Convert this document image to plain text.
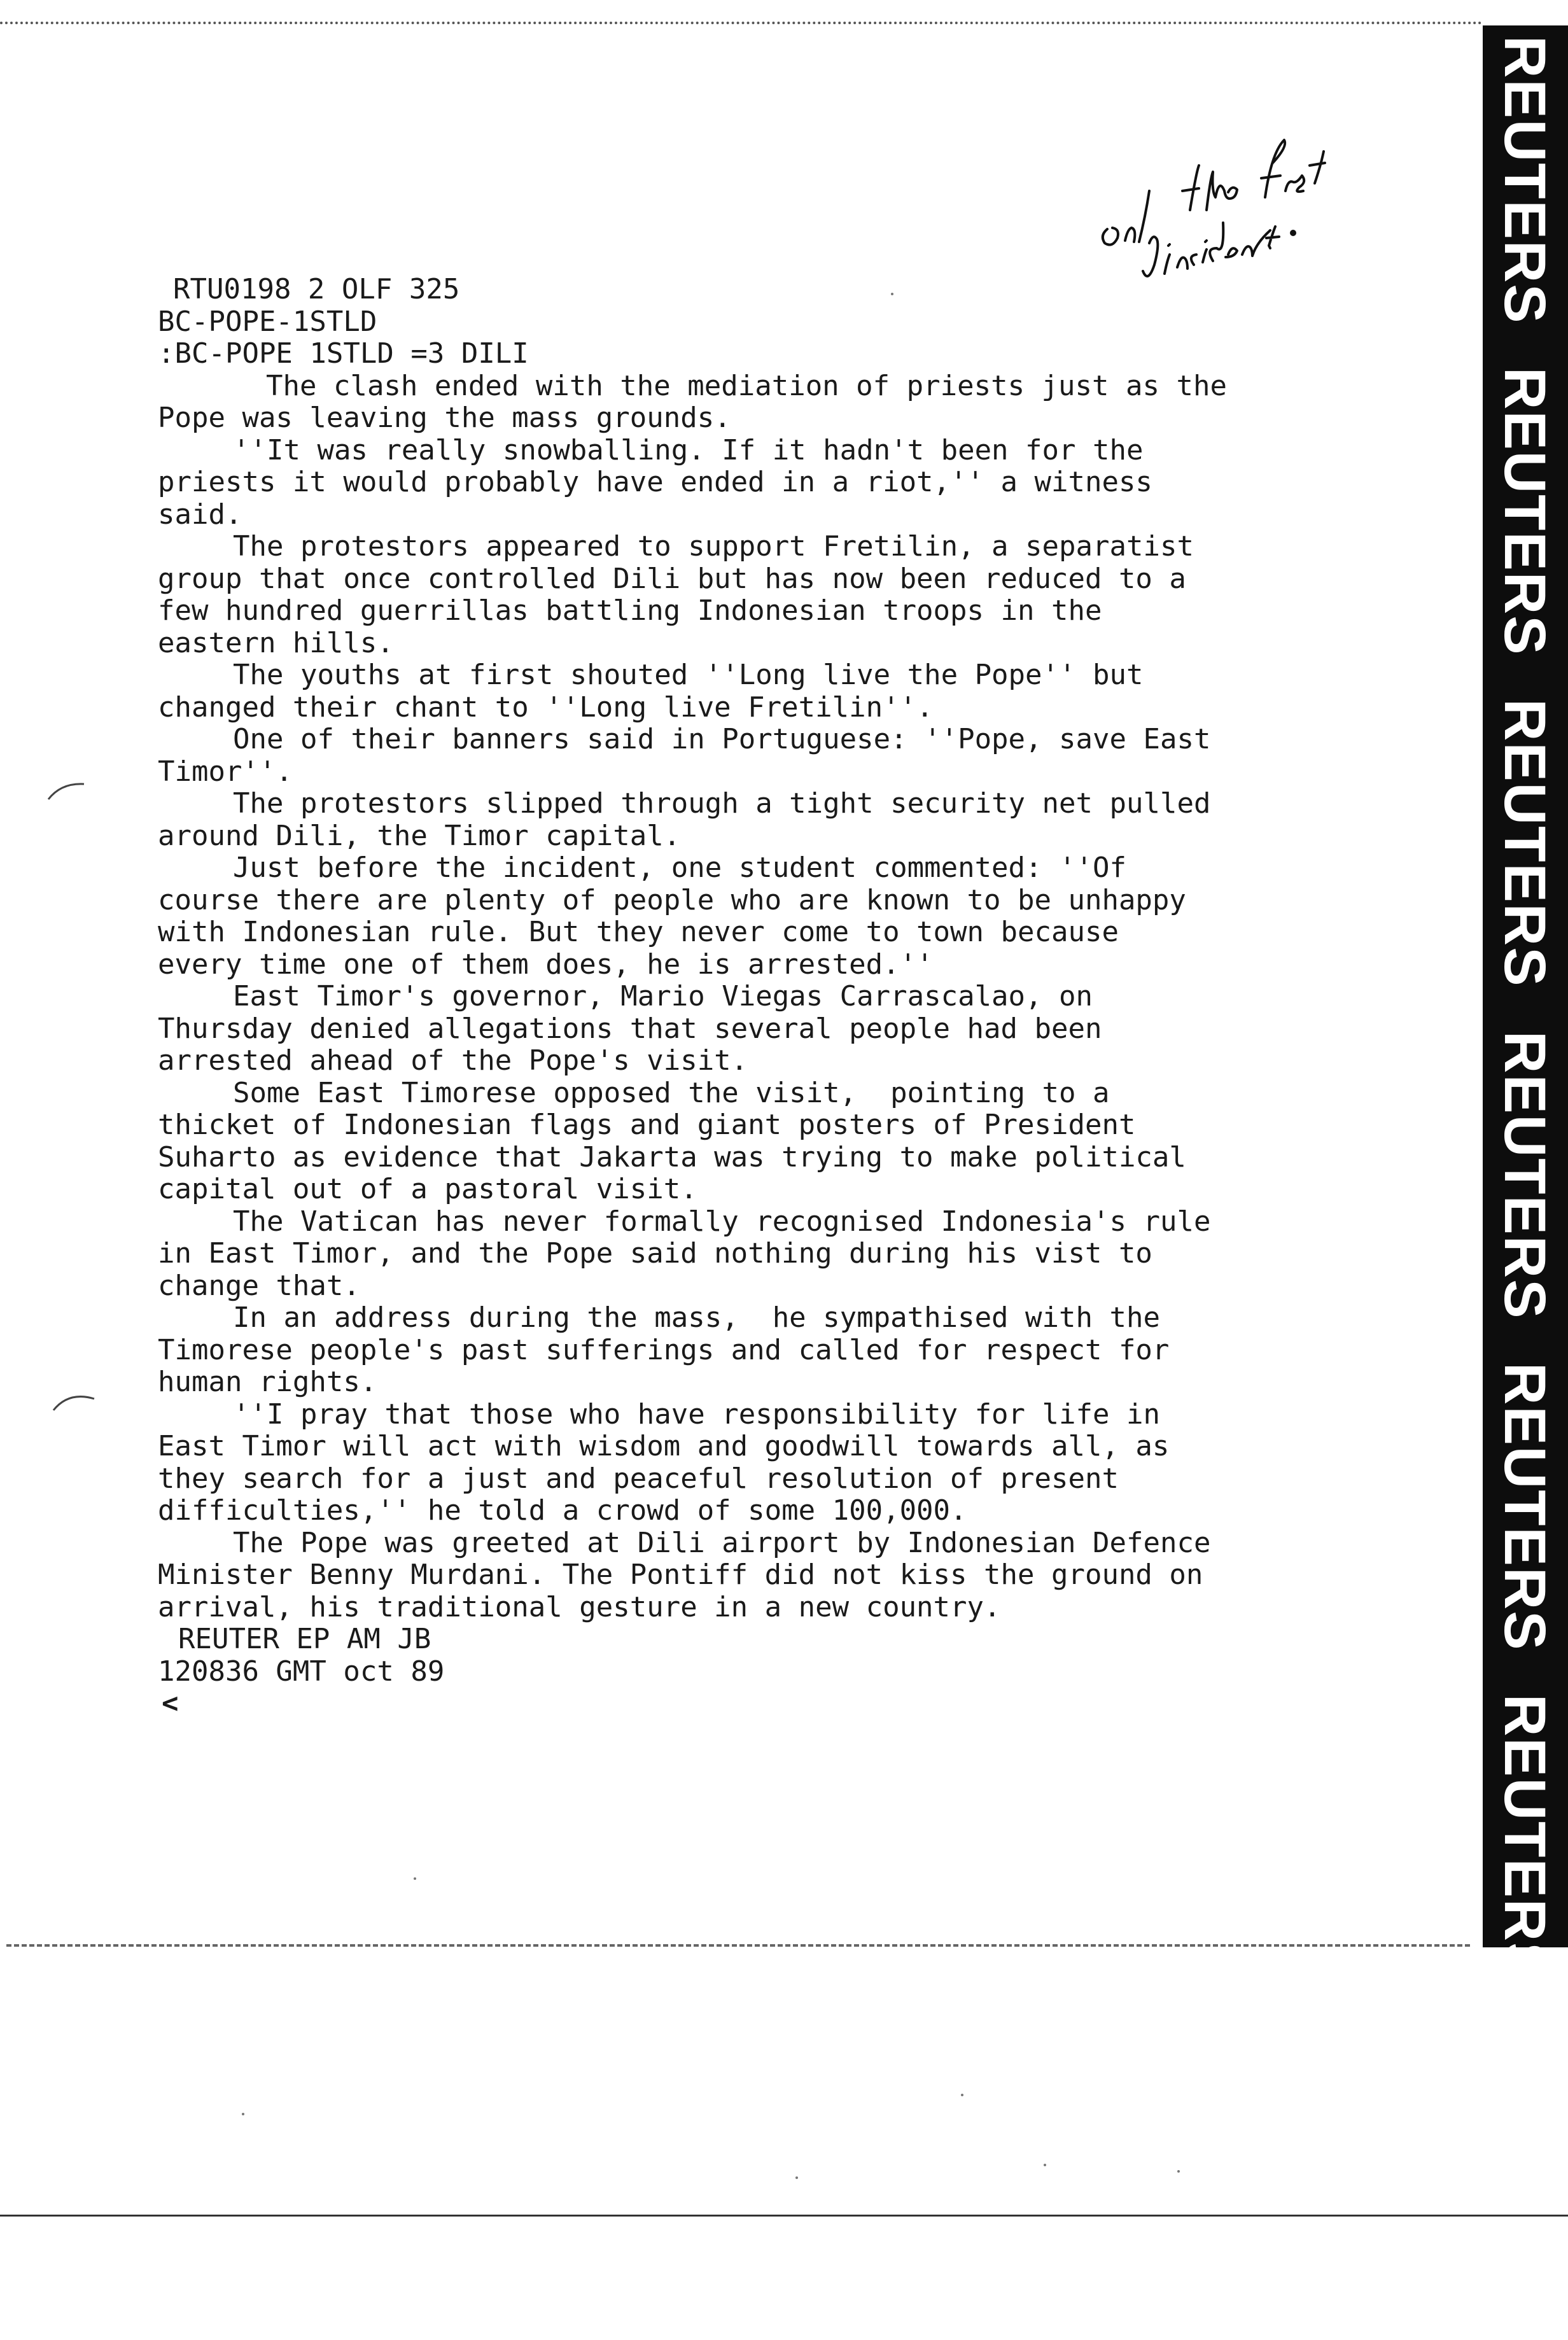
RTU0198 2 OLF 325
BC-POPE-1STLD
:BC-POPE 1STLD =3 DILI
The clash ended with the mediation of priests just as the
Pope was leaving the mass grounds.
''It was really snowballing. If it hadn't been for the
priests it would probably have ended in a riot,'' a witness
said.
The protestors appeared to support Fretilin, a separatist
group that once controlled Dili but has now been reduced to a
few hundred guerrillas battling Indonesian troops in the
eastern hills.
The youths at first shouted ''Long live the Pope'' but
changed their chant to ''Long live Fretilin''.
One of their banners said in Portuguese: ''Pope, save East
Timor''.
The protestors slipped through a tight security net pulled
around Dili, the Timor capital.
Just before the incident, one student commented: ''Of
course there are plenty of people who are known to be unhappy
with Indonesian rule. But they never come to town because
every time one of them does, he is arrested.''
East Timor's governor, Mario Viegas Carrascalao, on
Thursday denied allegations that several people had been
arrested ahead of the Pope's visit.
Some East Timorese opposed the visit,  pointing to a
thicket of Indonesian flags and giant posters of President
Suharto as evidence that Jakarta was trying to make political
capital out of a pastoral visit.
The Vatican has never formally recognised Indonesia's rule
in East Timor, and the Pope said nothing during his vist to
change that.
In an address during the mass,  he sympathised with the
Timorese people's past sufferings and called for respect for
human rights.
''I pray that those who have responsibility for life in
East Timor will act with wisdom and goodwill towards all, as
they search for a just and peaceful resolution of present
difficulties,'' he told a crowd of some 100,000.
The Pope was greeted at Dili airport by Indonesian Defence
Minister Benny Murdani. The Pontiff did not kiss the ground on
arrival, his traditional gesture in a new country.
REUTER EP AM JB
120836 GMT oct 89
<
REUTERS REUTERS REUTERS REUTERS REUTERS REUTERS REUTERS
